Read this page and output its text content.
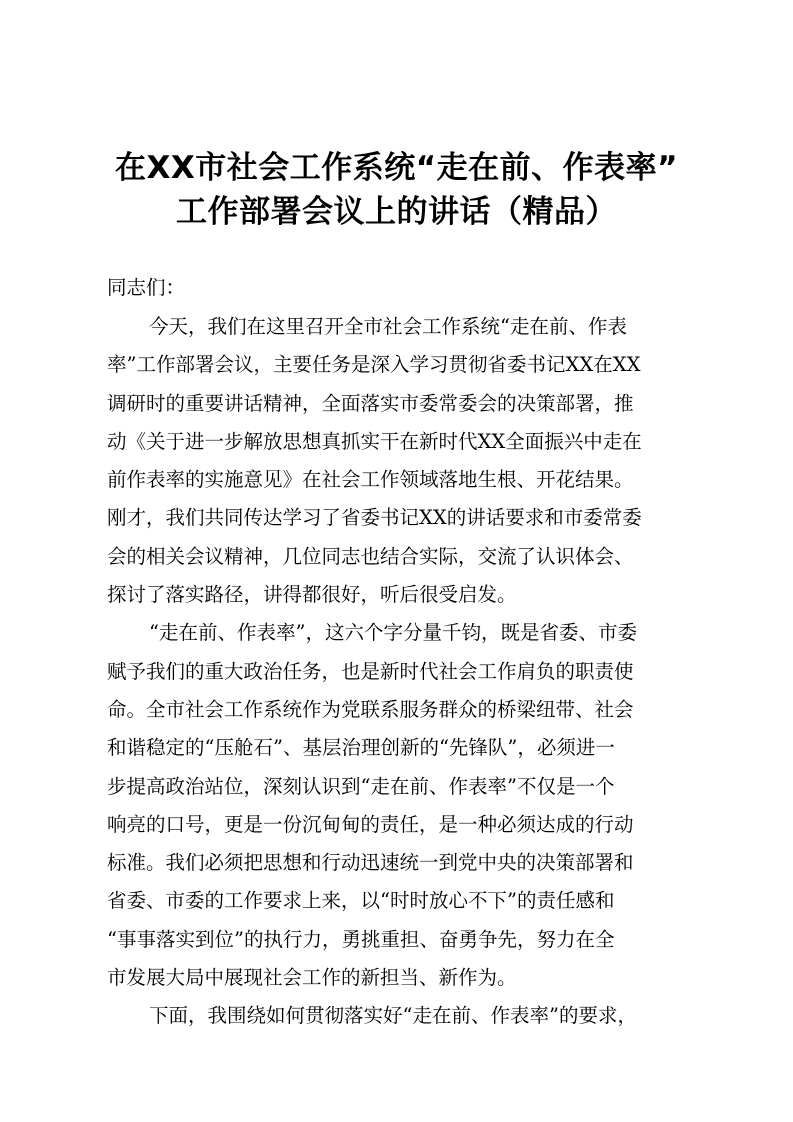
在XX市社会工作系统“走在前、作表率”
工作部署会议上的讲话（精品）
同志们：
今天，我们在这里召开全市社会工作系统“走在前、作表
率”工作部署会议，主要任务是深入学习贯彻省委书记XX在XX
调研时的重要讲话精神，全面落实市委常委会的决策部署，推
动《关于进一步解放思想真抓实干在新时代XX全面振兴中走在
前作表率的实施意见》在社会工作领域落地生根、开花结果。
刚才，我们共同传达学习了省委书记XX的讲话要求和市委常委
会的相关会议精神，几位同志也结合实际，交流了认识体会、
探讨了落实路径，讲得都很好，听后很受启发。
“走在前、作表率”，这六个字分量千钧，既是省委、市委
赋予我们的重大政治任务，也是新时代社会工作肩负的职责使
命。全市社会工作系统作为党联系服务群众的桥梁纽带、社会
和谐稳定的“压舱石”、基层治理创新的“先锋队”，必须进一
步提高政治站位，深刻认识到“走在前、作表率”不仅是一个
响亮的口号，更是一份沉甸甸的责任，是一种必须达成的行动
标准。我们必须把思想和行动迅速统一到党中央的决策部署和
省委、市委的工作要求上来，以“时时放心不下”的责任感和
“事事落实到位”的执行力，勇挑重担、奋勇争先，努力在全
市发展大局中展现社会工作的新担当、新作为。
下面，我围绕如何贯彻落实好“走在前、作表率”的要求，
